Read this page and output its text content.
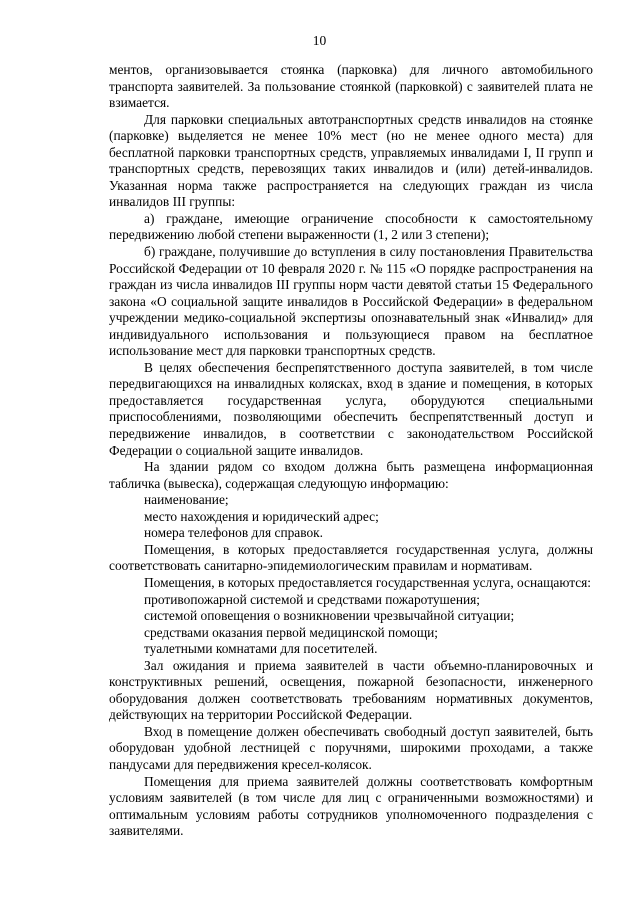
10

ментов, организовывается стоянка (парковка) для личного автомобильного транспорта заявителей. За пользование стоянкой (парковкой) с заявителей плата не взимается.

Для парковки специальных автотранспортных средств инвалидов на стоянке (парковке) выделяется не менее 10% мест (но не менее одного места) для бесплатной парковки транспортных средств, управляемых инвалидами I, II групп и транспортных средств, перевозящих таких инвалидов и (или) детей-инвалидов. Указанная норма также распространяется на следующих граждан из числа инвалидов III группы:

а) граждане, имеющие ограничение способности к самостоятельному передвижению любой степени выраженности (1, 2 или 3 степени);

б) граждане, получившие до вступления в силу постановления Правительства Российской Федерации от 10 февраля 2020 г. № 115 «О порядке распространения на граждан из числа инвалидов III группы норм части девятой статьи 15 Федерального закона «О социальной защите инвалидов в Российской Федерации» в федеральном учреждении медико-социальной экспертизы опознавательный знак «Инвалид» для индивидуального использования и пользующиеся правом на бесплатное использование мест для парковки транспортных средств.

В целях обеспечения беспрепятственного доступа заявителей, в том числе передвигающихся на инвалидных колясках, вход в здание и помещения, в которых предоставляется государственная услуга, оборудуются специальными приспособлениями, позволяющими обеспечить беспрепятственный доступ и передвижение инвалидов, в соответствии с законодательством Российской Федерации о социальной защите инвалидов.

На здании рядом со входом должна быть размещена информационная табличка (вывеска), содержащая следующую информацию:

наименование;

место нахождения и юридический адрес;

номера телефонов для справок.

Помещения, в которых предоставляется государственная услуга, должны соответствовать санитарно-эпидемиологическим правилам и нормативам.

Помещения, в которых предоставляется государственная услуга, оснащаются:

противопожарной системой и средствами пожаротушения;

системой оповещения о возникновении чрезвычайной ситуации;

средствами оказания первой медицинской помощи;

туалетными комнатами для посетителей.

Зал ожидания и приема заявителей в части объемно-планировочных и конструктивных решений, освещения, пожарной безопасности, инженерного оборудования должен соответствовать требованиям нормативных документов, действующих на территории Российской Федерации.

Вход в помещение должен обеспечивать свободный доступ заявителей, быть оборудован удобной лестницей с поручнями, широкими проходами, а также пандусами для передвижения кресел-колясок.

Помещения для приема заявителей должны соответствовать комфортным условиям заявителей (в том числе для лиц с ограниченными возможностями) и оптимальным условиям работы сотрудников уполномоченного подразделения с заявителями.
